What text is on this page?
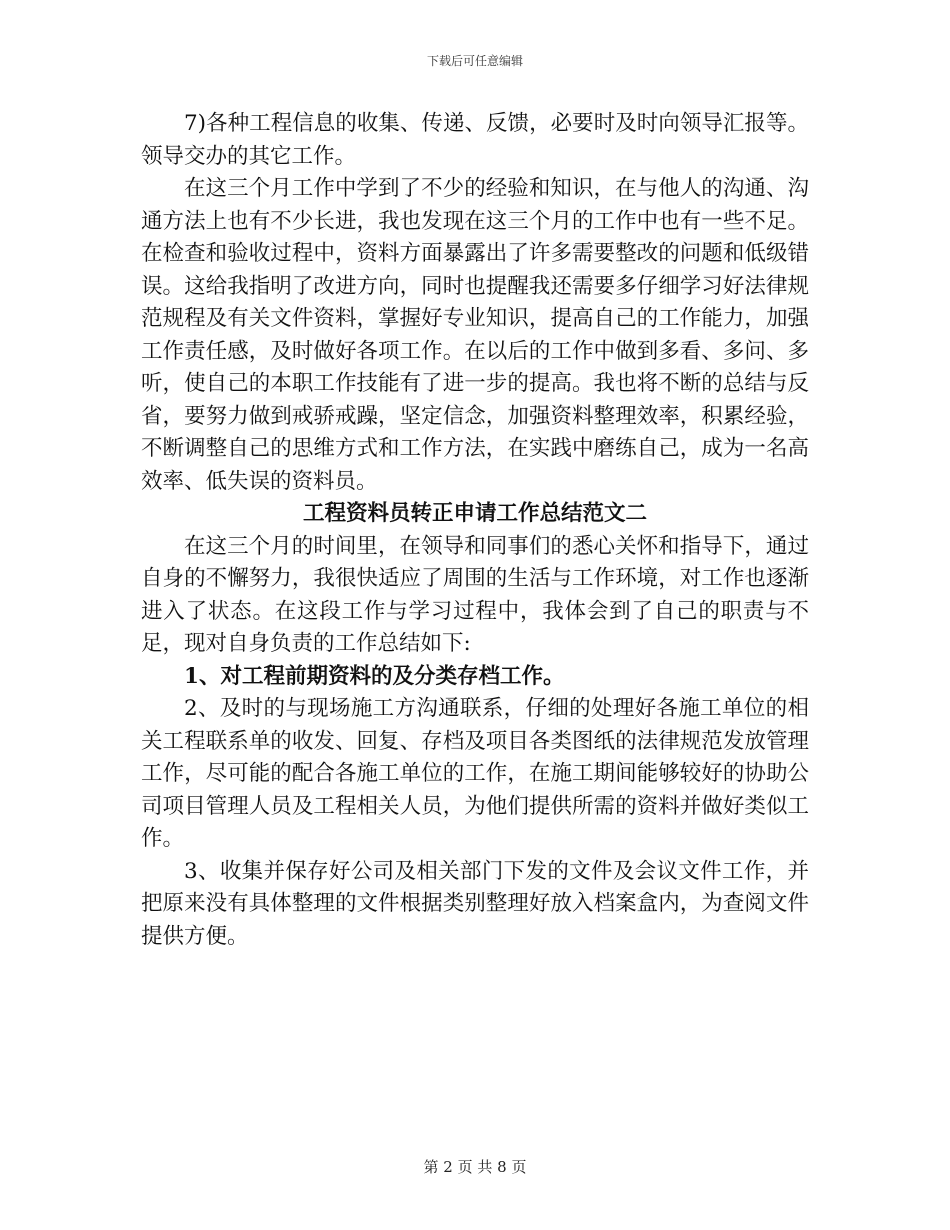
下载后可任意编辑

7)各种工程信息的收集、传递、反馈，必要时及时向领导汇报等。领导交办的其它工作。

在这三个月工作中学到了不少的经验和知识，在与他人的沟通、沟通方法上也有不少长进，我也发现在这三个月的工作中也有一些不足。在检查和验收过程中，资料方面暴露出了许多需要整改的问题和低级错误。这给我指明了改进方向，同时也提醒我还需要多仔细学习好法律规范规程及有关文件资料，掌握好专业知识，提高自己的工作能力，加强工作责任感，及时做好各项工作。在以后的工作中做到多看、多问、多听，使自己的本职工作技能有了进一步的提高。我也将不断的总结与反省，要努力做到戒骄戒躁，坚定信念，加强资料整理效率，积累经验，不断调整自己的思维方式和工作方法，在实践中磨练自己，成为一名高效率、低失误的资料员。

工程资料员转正申请工作总结范文二

在这三个月的时间里，在领导和同事们的悉心关怀和指导下，通过自身的不懈努力，我很快适应了周围的生活与工作环境，对工作也逐渐进入了状态。在这段工作与学习过程中，我体会到了自己的职责与不足，现对自身负责的工作总结如下:

1、对工程前期资料的及分类存档工作。

2、及时的与现场施工方沟通联系，仔细的处理好各施工单位的相关工程联系单的收发、回复、存档及项目各类图纸的法律规范发放管理工作，尽可能的配合各施工单位的工作，在施工期间能够较好的协助公司项目管理人员及工程相关人员，为他们提供所需的资料并做好类似工作。

3、收集并保存好公司及相关部门下发的文件及会议文件工作，并把原来没有具体整理的文件根据类别整理好放入档案盒内，为查阅文件提供方便。

第 2 页 共 8 页
